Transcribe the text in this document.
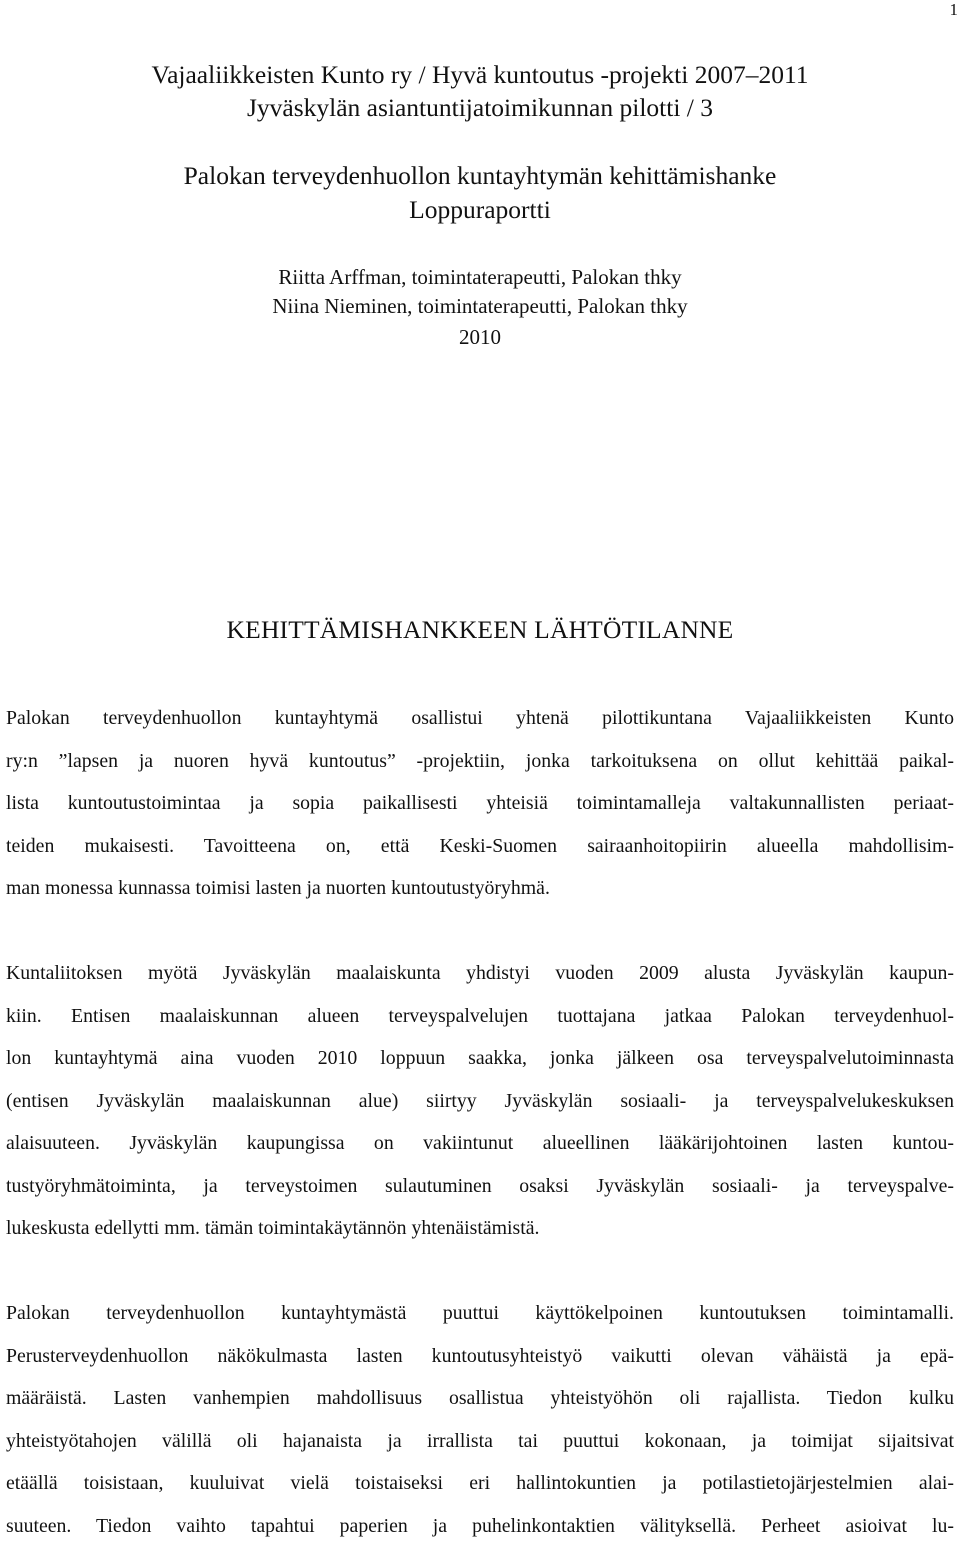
1
Vajaaliikkeisten Kunto ry / Hyvä kuntoutus -projekti 2007–2011
Jyväskylän asiantuntijatoimikunnan pilotti / 3
Palokan terveydenhuollon kuntayhtymän kehittämishanke
Loppuraportti
Riitta Arffman, toimintaterapeutti, Palokan thky
Niina Nieminen, toimintaterapeutti, Palokan thky
2010
KEHITTÄMISHANKKEEN LÄHTÖTILANNE
Palokan terveydenhuollon kuntayhtymä osallistui yhtenä pilottikuntana Vajaaliikkeisten Kunto
ry:n ”lapsen ja nuoren hyvä kuntoutus” -projektiin, jonka tarkoituksena on ollut kehittää paikal-
lista kuntoutustoimintaa ja sopia paikallisesti yhteisiä toimintamalleja valtakunnallisten periaat-
teiden mukaisesti. Tavoitteena on, että Keski-Suomen sairaanhoitopiirin alueella mahdollisim-
man monessa kunnassa toimisi lasten ja nuorten kuntoutustyöryhmä.
Kuntaliitoksen myötä Jyväskylän maalaiskunta yhdistyi vuoden 2009 alusta Jyväskylän kaupun-
kiin. Entisen maalaiskunnan alueen terveyspalvelujen tuottajana jatkaa Palokan terveydenhuol-
lon kuntayhtymä aina vuoden 2010 loppuun saakka, jonka jälkeen osa terveyspalvelutoiminnasta
(entisen Jyväskylän maalaiskunnan alue) siirtyy Jyväskylän sosiaali- ja terveyspalvelukeskuksen
alaisuuteen. Jyväskylän kaupungissa on vakiintunut alueellinen lääkärijohtoinen lasten kuntou-
tustyöryhmätoiminta, ja terveystoimen sulautuminen osaksi Jyväskylän sosiaali- ja terveyspalve-
lukeskusta edellytti mm. tämän toimintakäytännön yhtenäistämistä.
Palokan terveydenhuollon kuntayhtymästä puuttui käyttökelpoinen kuntoutuksen toimintamalli.
Perusterveydenhuollon näkökulmasta lasten kuntoutusyhteistyö vaikutti olevan vähäistä ja epä-
määräistä. Lasten vanhempien mahdollisuus osallistua yhteistyöhön oli rajallista. Tiedon kulku
yhteistyötahojen välillä oli hajanaista ja irrallista tai puuttui kokonaan, ja toimijat sijaitsivat
etäällä toisistaan, kuuluivat vielä toistaiseksi eri hallintokuntien ja potilastietojärjestelmien alai-
suuteen. Tiedon vaihto tapahtui paperien ja puhelinkontaktien välityksellä. Perheet asioivat lu-
